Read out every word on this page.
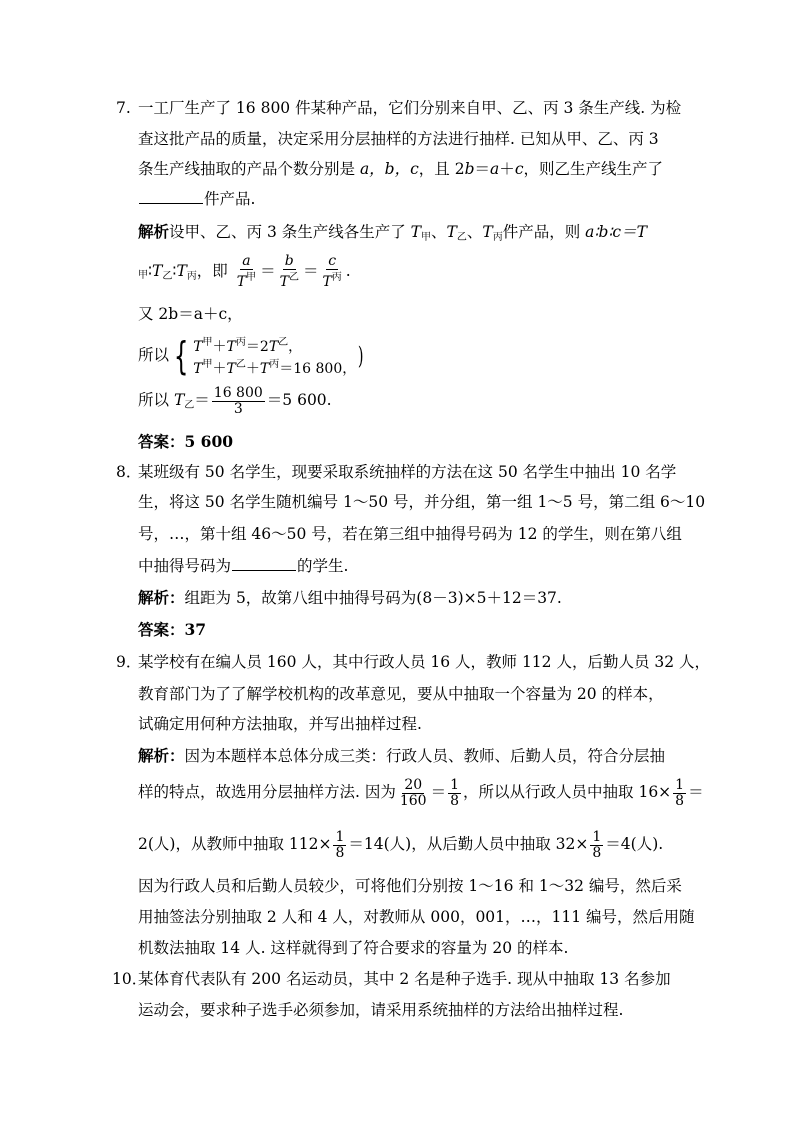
7. 一工厂生产了 16 800 件某种产品，它们分别来自甲、乙、丙 3 条生产线. 为检
查这批产品的质量，决定采用分层抽样的方法进行抽样. 已知从甲、乙、丙 3
条生产线抽取的产品个数分别是 a，b，c，且 2b＝a＋c，则乙生产线生产了
件产品.
解析设甲、乙、丙 3 条生产线各生产了 $T_甲$、$T_乙$、$T_丙$件产品，则 a∶b∶c＝T
$_甲∶T_乙∶T_丙$，即 $\frac{a}{T^甲} = \frac{b}{T^乙} = \frac{c}{T^丙}$ .
又 2b＝a＋c，
所以 { $T^甲+T^丙=2T^乙$，
$T^甲+T^乙+T^丙=16$ 800， )
所以 $T_乙= \frac{16 800}{3} =5$ 600.
答案：5 600
8．
某班级有 50 名学生，现要采取系统抽样的方法在这 50 名学生中抽出 10 名学
生，将这 50 名学生随机编号 1～50 号，并分组，第一组 1～5 号，第二组 6～10
号，…，第十组 46～50 号，若在第三组中抽得号码为 12 的学生，则在第八组
中抽得号码为	的学生.
解析：组距为 5，故第八组中抽得号码为(8－3)×5＋12＝37.
答案：37
9．
某学校有在编人员 160 人，其中行政人员 16 人，教师 112 人，后勤人员 32 人，
教育部门为了了解学校机构的改革意见，要从中抽取一个容量为 20 的样本，
试确定用何种方法抽取，并写出抽样过程.
解析：因为本题样本总体分成三类：行政人员、教师、后勤人员，符合分层抽
样的特点，故选用分层抽样方法. 因为 $\frac{20}{160} = \frac{1}{8}$ ，所以从行政人员中抽取 $16\times \frac{1}{8}$ ＝
2(人)，从教师中抽取 $112\times \frac{1}{8} =14$(人)，从后勤人员中抽取 $32\times \frac{1}{8} =4$(人).
因为行政人员和后勤人员较少，可将他们分别按 1～16 和 1～32 编号，然后采
用抽签法分别抽取 2 人和 4 人，对教师从 000，001，…，111 编号，然后用随
机数法抽取 14 人. 这样就得到了符合要求的容量为 20 的样本.
10．
某体育代表队有 200 名运动员，其中 2 名是种子选手. 现从中抽取 13 名参加
运动会，要求种子选手必须参加，请采用系统抽样的方法给出抽样过程.
